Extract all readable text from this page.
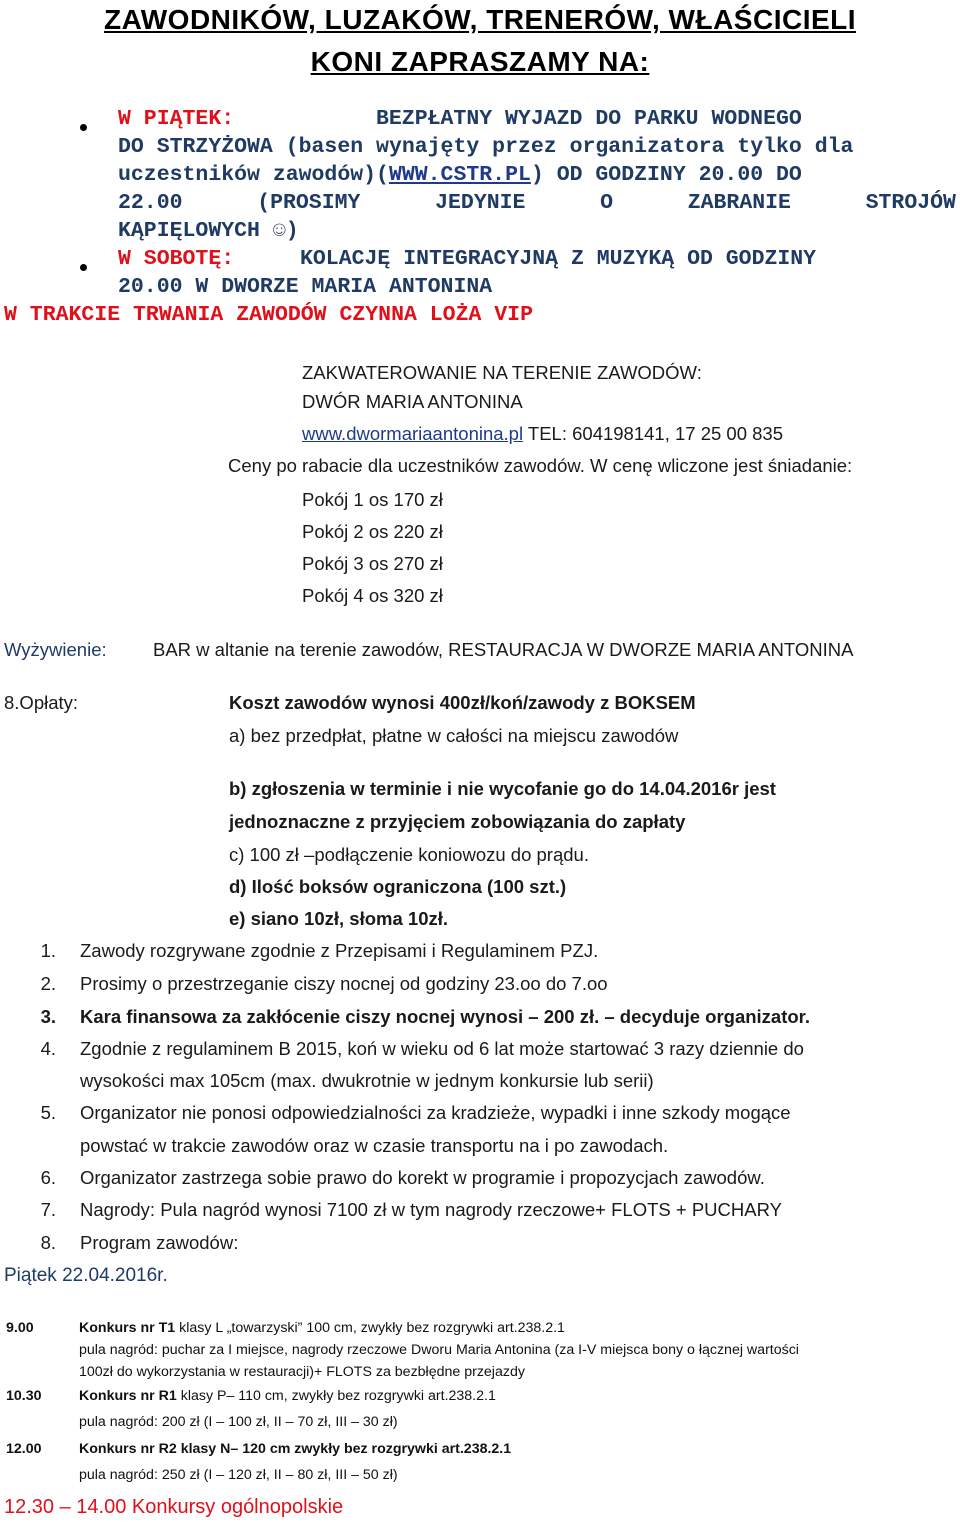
ZAWODNIKÓW, LUZAKÓW, TRENERÓW, WŁAŚCICIELI
KONI ZAPRASZAMY NA:
W PIĄTEK:	BEZPŁATNY WYJAZD DO PARKU WODNEGO
DO STRZYŻOWA (basen wynajęty przez organizatora tylko dla
uczestników zawodów)(WWW.CSTR.PL) OD GODZINY 20.00 DO
22.00	(PROSIMY	JEDYNIE	O	ZABRANIE	STROJÓW
KĄPIĘLOWYCH ☺)
W SOBOTĘ:	KOLACJĘ INTEGRACYJNĄ Z MUZYKĄ OD GODZINY
20.00 W DWORZE MARIA ANTONINA
W TRAKCIE TRWANIA ZAWODÓW CZYNNA LOŻA VIP
ZAKWATEROWANIE NA TERENIE ZAWODÓW:
DWÓR MARIA ANTONINA
www.dwormariaantonina.pl TEL: 604198141, 17 25 00 835
Ceny po rabacie dla uczestników zawodów. W cenę wliczone jest śniadanie:
Pokój 1 os 170 zł
Pokój 2 os 220 zł
Pokój 3 os 270 zł
Pokój 4 os 320 zł
Wyżywienie:	BAR w altanie na terenie zawodów, RESTAURACJA W DWORZE MARIA ANTONINA
8.Opłaty:	Koszt zawodów wynosi 400zł/koń/zawody z BOKSEM
a) bez przedpłat, płatne w całości na miejscu zawodów
b) zgłoszenia w terminie i nie wycofanie go do 14.04.2016r jest
jednoznaczne z przyjęciem zobowiązania do zapłaty
c) 100 zł –podłączenie koniowozu do prądu.
d) Ilość boksów ograniczona (100 szt.)
e) siano 10zł, słoma 10zł.
1. Zawody rozgrywane zgodnie z Przepisami i Regulaminem PZJ.
2. Prosimy o przestrzeganie ciszy nocnej od godziny 23.oo do 7.oo
3. Kara finansowa za zakłócenie ciszy nocnej wynosi – 200 zł. – decyduje organizator.
4. Zgodnie z regulaminem B 2015, koń w wieku od 6 lat może startować 3 razy dziennie do
wysokości max 105cm (max. dwukrotnie w jednym konkursie lub serii)
5. Organizator nie ponosi odpowiedzialności za kradzieże, wypadki i inne szkody mogące
powstać w trakcie zawodów oraz w czasie transportu na i po zawodach.
6. Organizator zastrzega sobie prawo do korekt w programie i propozycjach zawodów.
7. Nagrody: Pula nagród wynosi 7100 zł w tym nagrody rzeczowe+ FLOTS + PUCHARY
8. Program zawodów:
Piątek 22.04.2016r.
9.00	Konkurs nr T1 klasy L „towarzyski” 100 cm, zwykły bez rozgrywki art.238.2.1
pula nagród: puchar za I miejsce, nagrody rzeczowe Dworu Maria Antonina (za I-V miejsca bony o łącznej wartości
100zł do wykorzystania w restauracji)+ FLOTS za bezbłędne przejazdy
10.30	Konkurs nr R1 klasy P– 110 cm, zwykły bez rozgrywki art.238.2.1
pula nagród: 200 zł (I – 100 zł, II – 70 zł, III – 30 zł)
12.00	Konkurs nr R2 klasy N– 120 cm zwykły bez rozgrywki art.238.2.1
pula nagród: 250 zł (I – 120 zł, II – 80 zł, III – 50 zł)
12.30 – 14.00 Konkursy ogólnopolskie
